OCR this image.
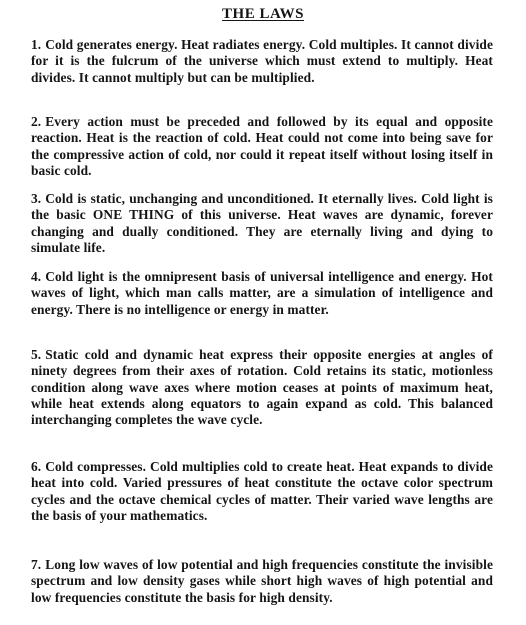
THE LAWS

1. Cold generates energy. Heat radiates energy. Cold multiples. It cannot divide for it is the fulcrum of the universe which must extend to multiply. Heat divides. It cannot multiply but can be multiplied.

2. Every action must be preceded and followed by its equal and opposite reaction. Heat is the reaction of cold. Heat could not come into being save for the compressive action of cold, nor could it repeat itself without losing itself in basic cold.

3. Cold is static, unchanging and unconditioned. It eternally lives. Cold light is the basic ONE THING of this universe. Heat waves are dynamic, forever changing and dually conditioned. They are eternally living and dying to simulate life.

4. Cold light is the omnipresent basis of universal intelligence and energy. Hot waves of light, which man calls matter, are a simulation of intelligence and energy. There is no intelligence or energy in matter.

5. Static cold and dynamic heat express their opposite energies at angles of ninety degrees from their axes of rotation. Cold retains its static, motionless condition along wave axes where motion ceases at points of maximum heat, while heat extends along equators to again expand as cold. This balanced interchanging completes the wave cycle.

6. Cold compresses. Cold multiplies cold to create heat. Heat expands to divide heat into cold. Varied pressures of heat constitute the octave color spectrum cycles and the octave chemical cycles of matter. Their varied wave lengths are the basis of your mathematics.

7. Long low waves of low potential and high frequencies constitute the invisible spectrum and low density gases while short high waves of high potential and low frequencies constitute the basis for high density.
